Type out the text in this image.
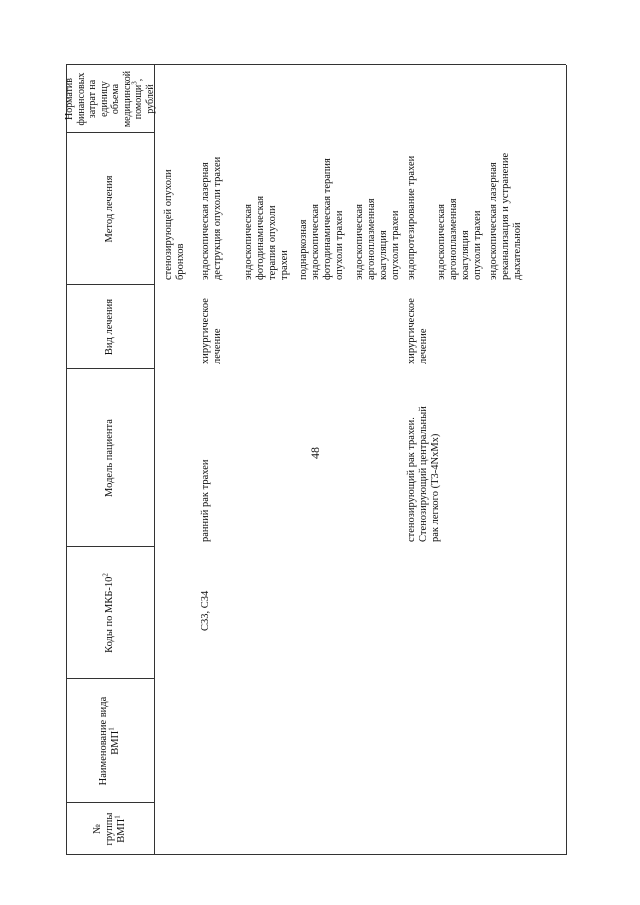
48
№ группы ВМП$^1$
Наименование вида ВМП$^1$
Коды по МКБ-$10^2$
Модель пациента
Вид лечения
Метод лечения
Норматив финансовых затрат на единицу объема медицинской помощи$^3$, рублей
стенозирующей опухоли бронхов
C33, C34
ранний рак трахеи
хирургическое лечение
эндоскопическая лазерная деструкция опухоли трахеи эндоскопическая фотодинамическая терапия опухоли трахеи поднаркозная эндоскопическая фотодинамическая терапия опухоли трахеи эндоскопическая аргоноплазменная коагуляция опухоли трахеи
стенозирующий рак трахеи. Стенозирующий центральный рак легкого (T3-4NxMx)
хирургическое лечение
эндопротезирование трахеи эндоскопическая аргоноплазменная коагуляция опухоли трахеи эндоскопическая лазерная реканализация и устранение дыхательной
